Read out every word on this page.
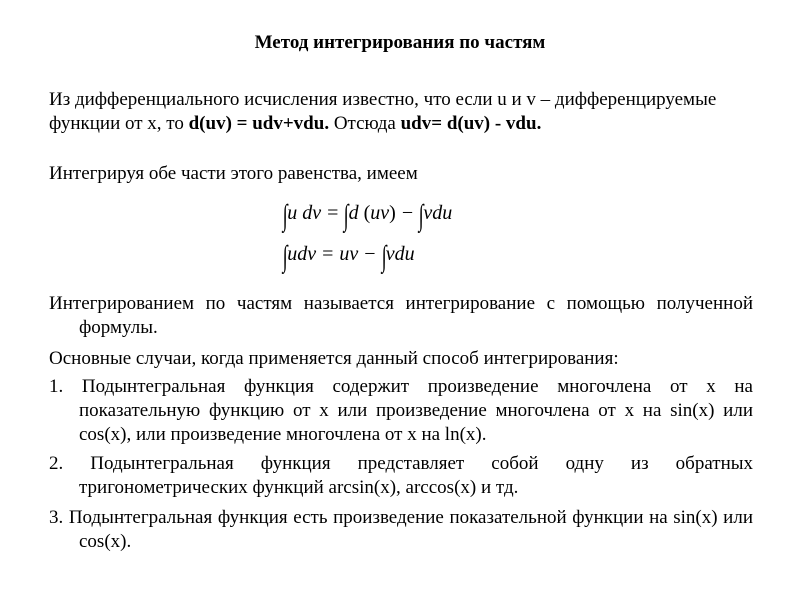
Метод интегрирования по частям

Из дифференциального исчисления известно, что если u и v – дифференцируемые функции от x, то d(uv) = udv+vdu. Отсюда udv= d(uv) - vdu.

Интегрируя обе части этого равенства, имеем

∫u dv = ∫d (uv) − ∫vdu
∫udv = uv − ∫vdu

Интегрированием по частям называется интегрирование с помощью полученной формулы.

Основные случаи, когда применяется данный способ интегрирования:

1. Подынтегральная функция содержит произведение многочлена от x на показательную функцию от x или произведение многочлена от x на sin(x) или cos(x), или произведение многочлена от x на ln(x).

2. Подынтегральная функция представляет собой одну из обратных тригонометрических функций arcsin(x), arccos(x) и тд.

3. Подынтегральная функция есть произведение показательной функции на sin(x) или cos(x).
